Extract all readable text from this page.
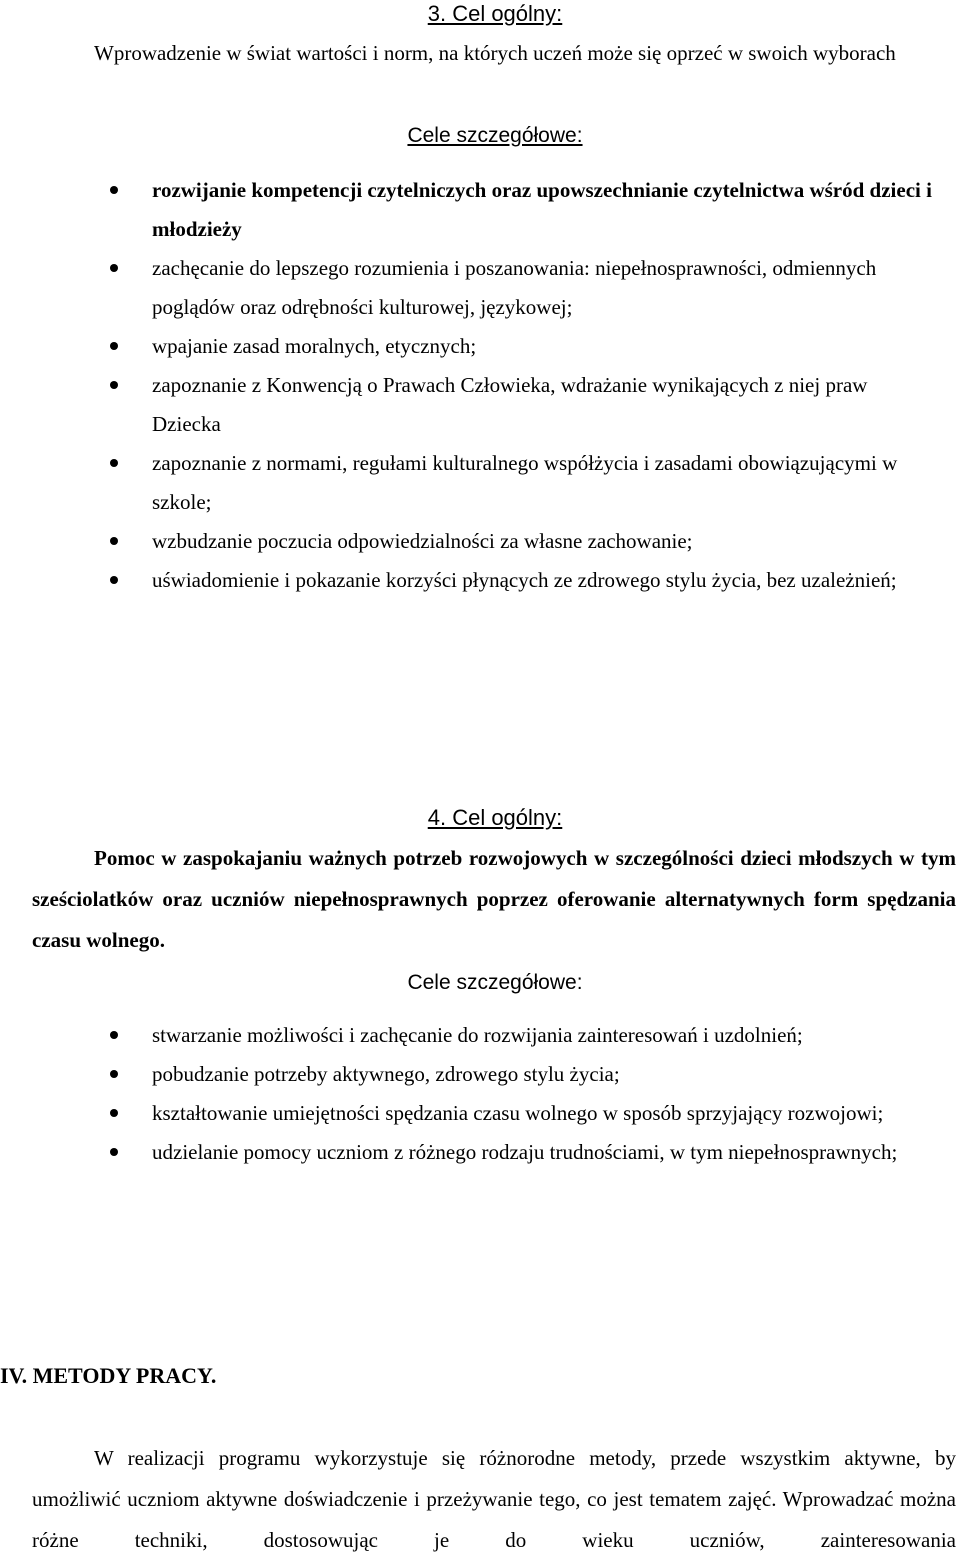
3. Cel ogólny:
Wprowadzenie w świat wartości i norm, na których uczeń może się oprzeć w swoich wyborach
Cele szczegółowe:
rozwijanie kompetencji czytelniczych oraz upowszechnianie czytelnictwa wśród dzieci i młodzieży
zachęcanie do lepszego rozumienia i poszanowania: niepełnosprawności, odmiennych poglądów oraz odrębności kulturowej, językowej;
wpajanie zasad moralnych, etycznych;
zapoznanie z Konwencją o Prawach Człowieka, wdrażanie wynikających z niej praw Dziecka
zapoznanie z normami, regułami kulturalnego współżycia i zasadami obowiązującymi w szkole;
wzbudzanie poczucia odpowiedzialności za własne zachowanie;
uświadomienie i pokazanie korzyści płynących ze zdrowego stylu życia, bez uzależnień;
4. Cel ogólny:
Pomoc w zaspokajaniu ważnych potrzeb rozwojowych w szczególności dzieci młodszych w tym sześciolatków oraz uczniów niepełnosprawnych poprzez oferowanie alternatywnych form spędzania czasu wolnego.
Cele szczegółowe:
stwarzanie możliwości i zachęcanie do rozwijania zainteresowań i uzdolnień;
pobudzanie potrzeby aktywnego, zdrowego stylu życia;
kształtowanie umiejętności spędzania czasu wolnego w sposób sprzyjający rozwojowi;
udzielanie pomocy uczniom z różnego rodzaju trudnościami, w tym niepełnosprawnych;
IV. METODY PRACY.
W realizacji programu wykorzystuje się różnorodne metody, przede wszystkim aktywne, by umożliwić uczniom aktywne doświadczenie i przeżywanie tego, co jest tematem zajęć. Wprowadzać można różne techniki, dostosowując je do wieku uczniów, zainteresowania
